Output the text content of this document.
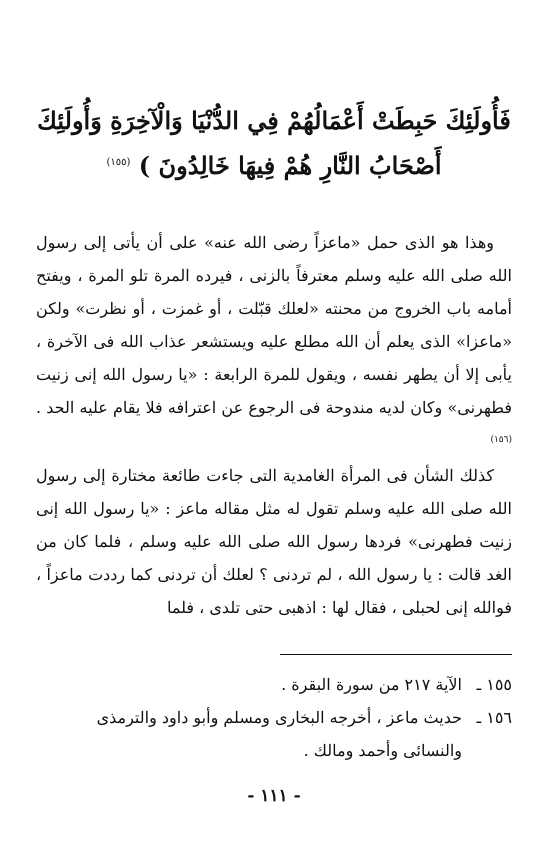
فَأُولَئِكَ حَبِطَتْ أَعْمَالُهُمْ فِي الدُّنْيَا وَالْآخِرَةِ وَأُولَئِكَ
أَصْحَابُ النَّارِ هُمْ فِيهَا خَالِدُونَ ) $^{(١٥٥)}$

وهذا هو الذى حمل «ماعزاً رضى الله عنه» على أن يأتى إلى رسول الله صلى الله عليه وسلم معترفاً بالزنى ، فيرده المرة تلو المرة ، ويفتح أمامه باب الخروج من محنته «لعلك قبّلت ، أو غمزت ، أو نظرت» ولكن «ماعزا» الذى يعلم أن الله مطلع عليه ويستشعر عذاب الله فى الآخرة ، يأبى إلا أن يطهر نفسه ، ويقول للمرة الرابعة : «يا رسول الله إنى زنيت فطهرنى» وكان لديه مندوحة فى الرجوع عن اعترافه فلا يقام عليه الحد .$^{(١٥٦)}$

كذلك الشأن فى المرأة الغامدية التى جاءت طائعة مختارة إلى رسول الله صلى الله عليه وسلم تقول له مثل مقاله ماعز : «يا رسول الله إنى زنيت فطهرنى» فردها رسول الله صلى الله عليه وسلم ، فلما كان من الغد قالت : يا رسول الله ، لم تردنى ؟ لعلك أن تردنى كما رددت ماعزاً ، فوالله إنى لحبلى ، فقال لها : اذهبى حتى تلدى ، فلما

١٥٥ ـ
الآية ٢١٧ من سورة البقرة .
١٥٦ ـ
حديث ماعز ، أخرجه البخارى ومسلم وأبو داود والترمذى والنسائى وأحمد ومالك .
- ١١١ -
